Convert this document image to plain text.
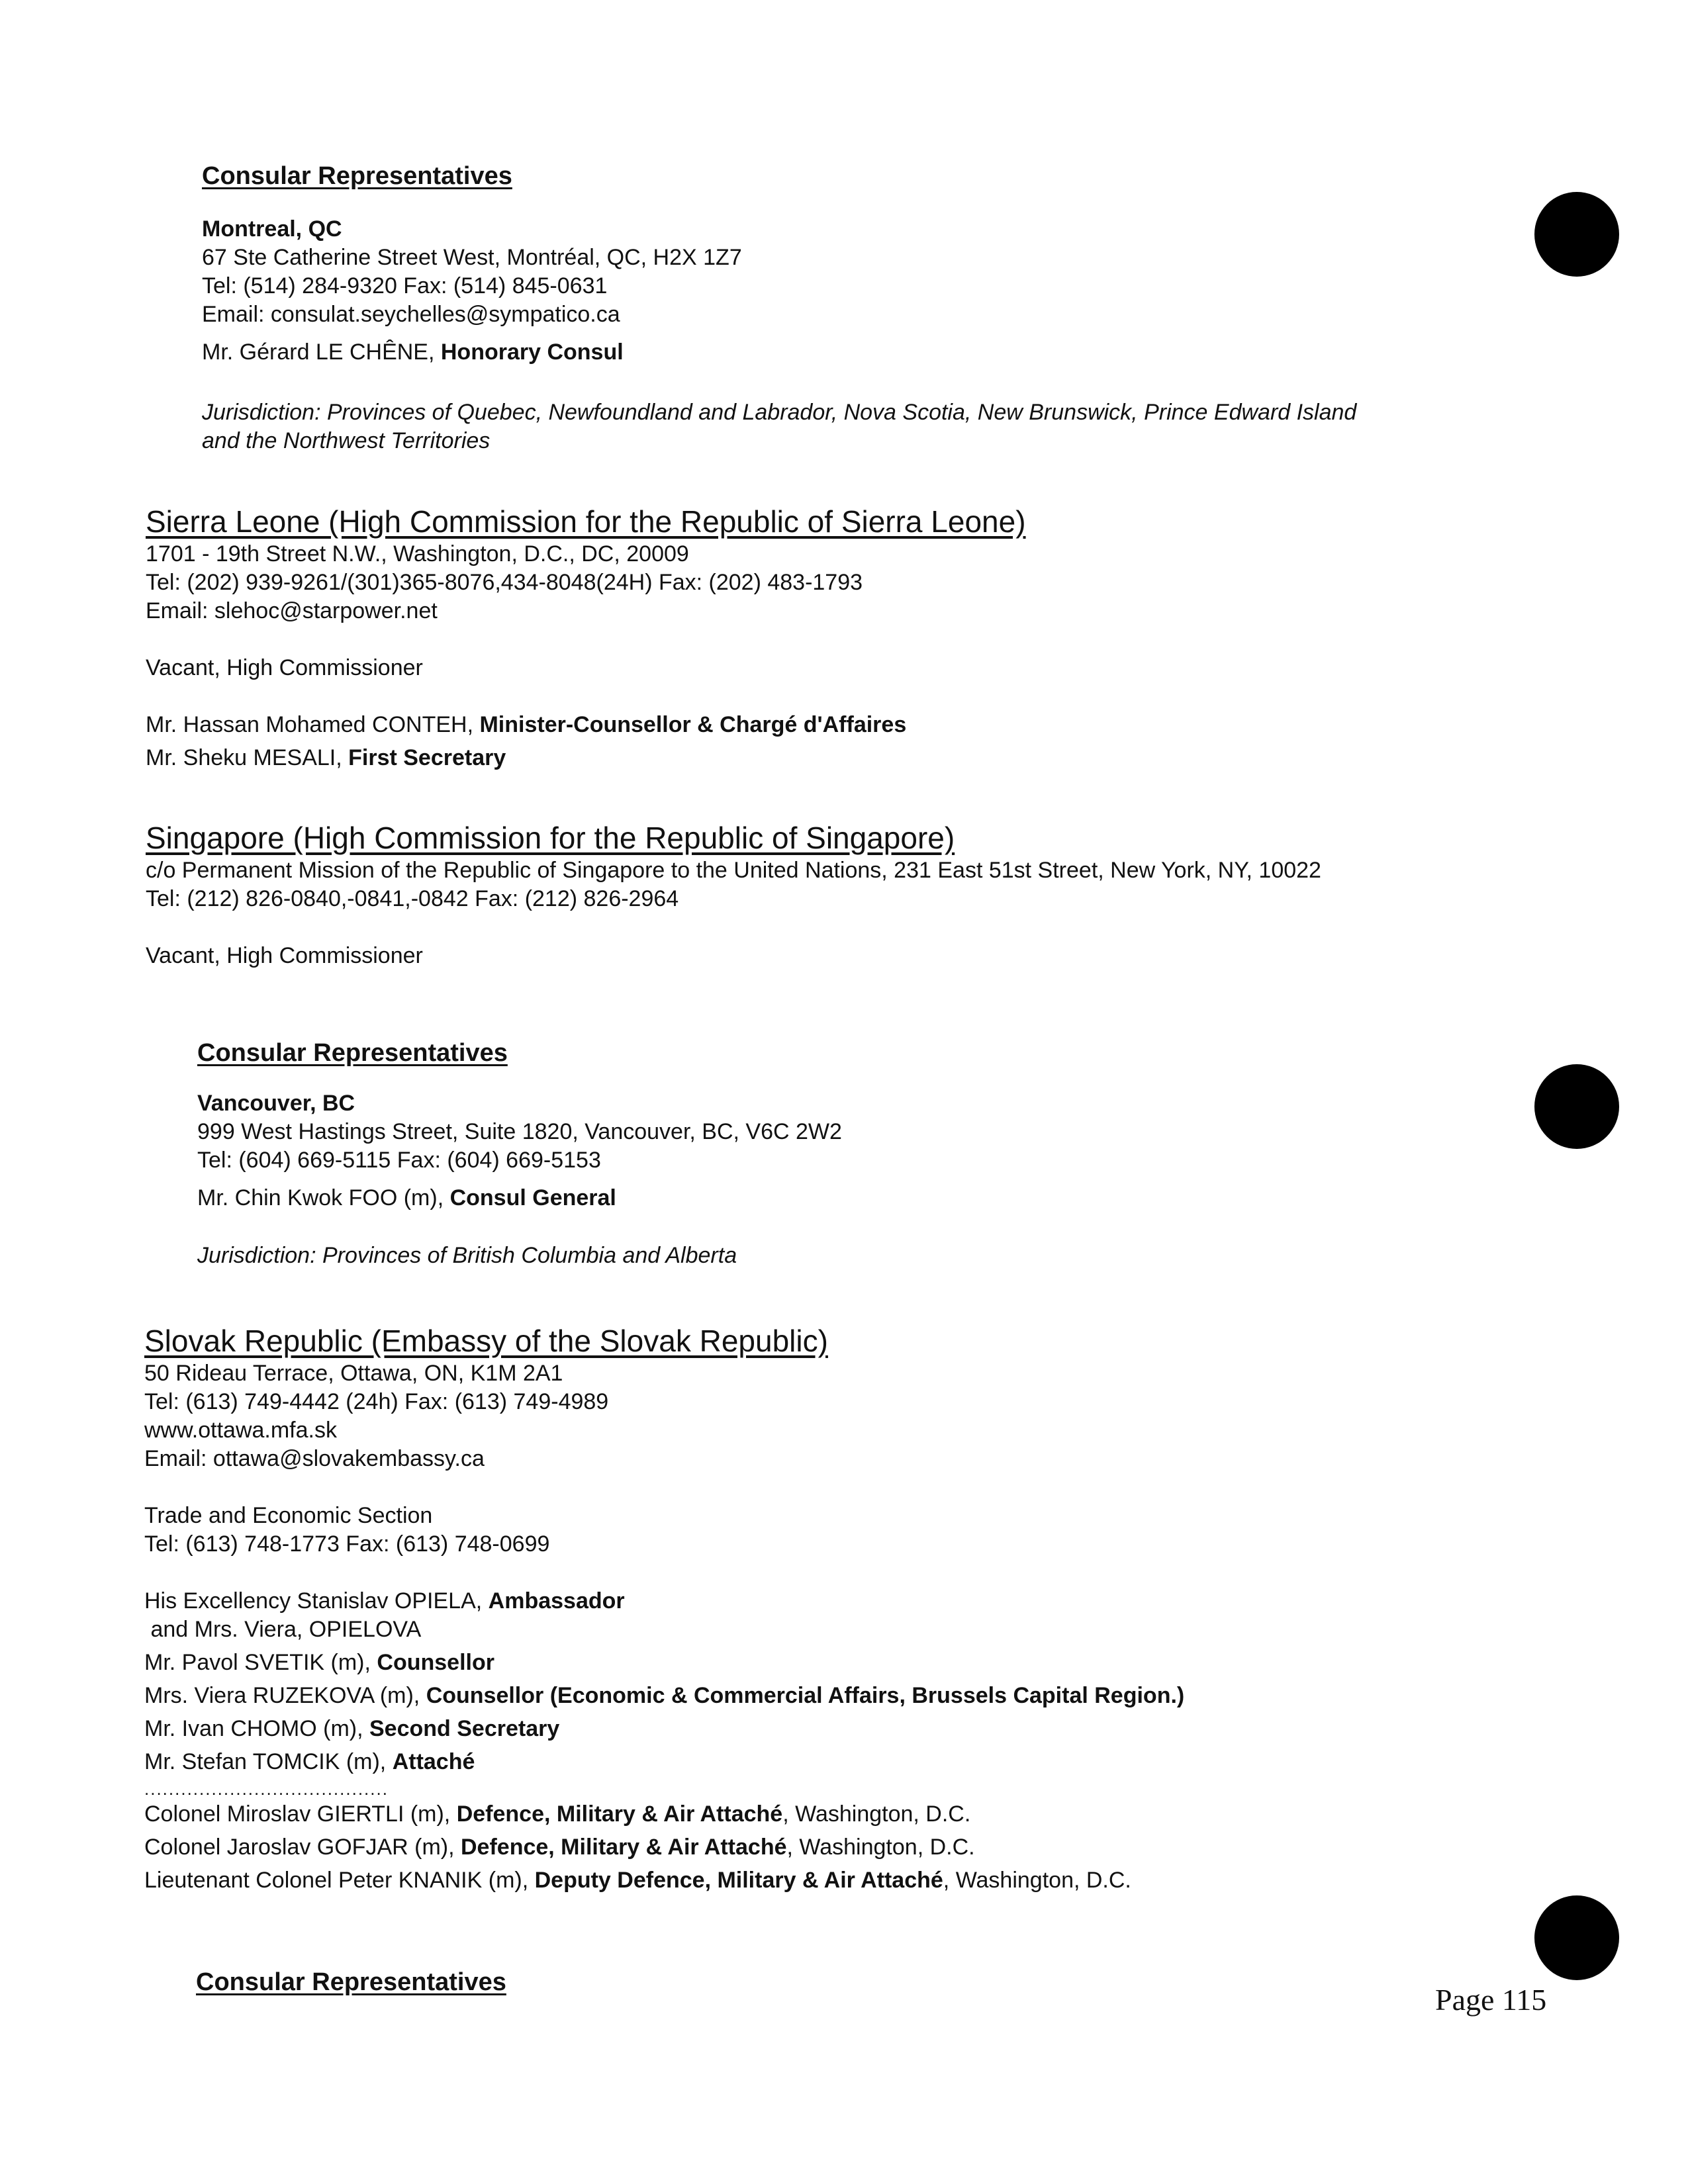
Consular Representatives
Montreal, QC
67 Ste Catherine Street West, Montréal, QC, H2X 1Z7
Tel: (514) 284-9320 Fax: (514) 845-0631
Email: consulat.seychelles@sympatico.ca
Mr. Gérard LE CHÊNE, Honorary Consul
Jurisdiction: Provinces of Quebec, Newfoundland and Labrador, Nova Scotia, New Brunswick, Prince Edward Island
and the Northwest Territories
Sierra Leone (High Commission for the Republic of Sierra Leone)
1701 - 19th Street N.W., Washington, D.C., DC, 20009
Tel: (202) 939-9261/(301)365-8076,434-8048(24H) Fax: (202) 483-1793
Email: slehoc@starpower.net
Vacant, High Commissioner
Mr. Hassan Mohamed CONTEH, Minister-Counsellor & Chargé d'Affaires
Mr. Sheku MESALI, First Secretary
Singapore (High Commission for the Republic of Singapore)
c/o Permanent Mission of the Republic of Singapore to the United Nations, 231 East 51st Street, New York, NY, 10022
Tel: (212) 826-0840,-0841,-0842 Fax: (212) 826-2964
Vacant, High Commissioner
Consular Representatives
Vancouver, BC
999 West Hastings Street, Suite 1820, Vancouver, BC, V6C 2W2
Tel: (604) 669-5115 Fax: (604) 669-5153
Mr. Chin Kwok FOO (m), Consul General
Jurisdiction: Provinces of British Columbia and Alberta
Slovak Republic (Embassy of the Slovak Republic)
50 Rideau Terrace, Ottawa, ON, K1M 2A1
Tel: (613) 749-4442 (24h) Fax: (613) 749-4989
www.ottawa.mfa.sk
Email: ottawa@slovakembassy.ca
Trade and Economic Section
Tel: (613) 748-1773 Fax: (613) 748-0699
His Excellency Stanislav OPIELA, Ambassador
and Mrs. Viera, OPIELOVA
Mr. Pavol SVETIK (m), Counsellor
Mrs. Viera RUZEKOVA (m), Counsellor (Economic & Commercial Affairs, Brussels Capital Region.)
Mr. Ivan CHOMO (m), Second Secretary
Mr. Stefan TOMCIK (m), Attaché
........................................
Colonel Miroslav GIERTLI (m), Defence, Military & Air Attaché, Washington, D.C.
Colonel Jaroslav GOFJAR (m), Defence, Military & Air Attaché, Washington, D.C.
Lieutenant Colonel Peter KNANIK (m), Deputy Defence, Military & Air Attaché, Washington, D.C.
Consular Representatives
Page 115
